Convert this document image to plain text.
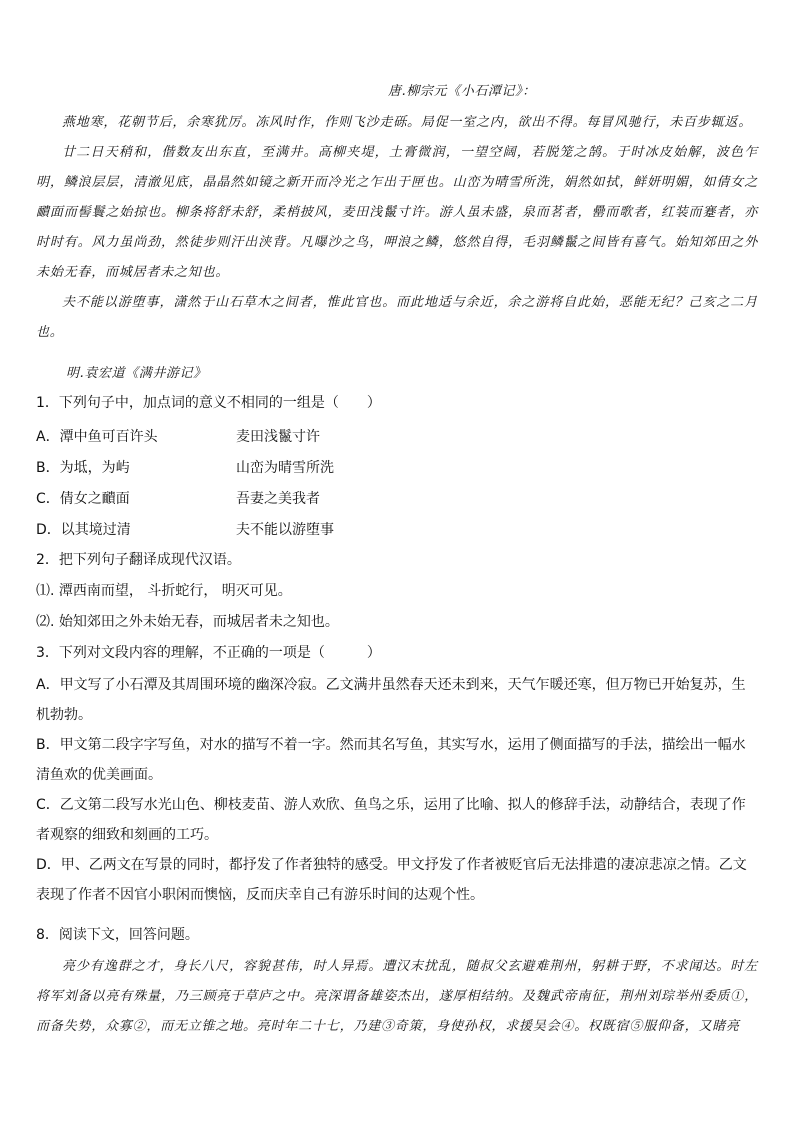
唐.柳宗元《小石潭记》：

燕地寒，花朝节后，余寒犹厉。冻风时作，作则飞沙走砾。局促一室之内，欲出不得。每冒风驰行，未百步辄返。

廿二日天稍和，偕数友出东直，至满井。高柳夹堤，土膏微润，一望空阔，若脱笼之鹄。于时冰皮始解，波色乍明，鳞浪层层，清澈见底，晶晶然如镜之新开而冷光之乍出于匣也。山峦为晴雪所洗，娟然如拭，鲜妍明媚，如倩女之靧面而髻鬟之始掠也。柳条将舒未舒，柔梢披风，麦田浅鬣寸许。游人虽未盛，泉而茗者，罍而歌者，红装而蹇者，亦时时有。风力虽尚劲，然徒步则汗出浃背。凡曝沙之鸟，呷浪之鳞，悠然自得，毛羽鳞鬣之间皆有喜气。始知郊田之外未始无春，而城居者未之知也。

夫不能以游堕事，潇然于山石草木之间者，惟此官也。而此地适与余近，余之游将自此始，恶能无纪？己亥之二月也。

明.袁宏道《满井游记》
1．下列句子中，加点词的意义不相同的一组是（　　）
A．潭中鱼可百许头	麦田浅鬣寸许
B．为坻，为屿	山峦为晴雪所洗
C．倩女之靧面	吾妻之美我者
D．以其境过清	夫不能以游堕事
2．把下列句子翻译成现代汉语。
⑴. 潭西南而望， 斗折蛇行， 明灭可见。
⑵. 始知郊田之外未始无春，而城居者未之知也。
3．下列对文段内容的理解，不正确的一项是（　　　）

A．甲文写了小石潭及其周围环境的幽深冷寂。乙文满井虽然春天还未到来，天气乍暖还寒，但万物已开始复苏，生机勃勃。

B．甲文第二段字字写鱼，对水的描写不着一字。然而其名写鱼，其实写水，运用了侧面描写的手法，描绘出一幅水清鱼欢的优美画面。

C．乙文第二段写水光山色、柳枝麦苗、游人欢欣、鱼鸟之乐，运用了比喻、拟人的修辞手法，动静结合，表现了作者观察的细致和刻画的工巧。

D．甲、乙两文在写景的同时，都抒发了作者独特的感受。甲文抒发了作者被贬官后无法排遣的凄凉悲凉之情。乙文表现了作者不因官小职闲而懊恼，反而庆幸自己有游乐时间的达观个性。

8．阅读下文，回答问题。

亮少有逸群之才，身长八尺，容貌甚伟，时人异焉。遭汉末扰乱，随叔父玄避难荆州，躬耕于野，不求闻达。时左将军刘备以亮有殊量，乃三顾亮于草庐之中。亮深谓备雄姿杰出，遂厚相结纳。及魏武帝南征，荆州刘琮举州委质①，而备失势，众寡②，而无立锥之地。亮时年二十七，乃建③奇策，身使孙权，求援吴会④。权既宿⑤服仰备，又睹亮
